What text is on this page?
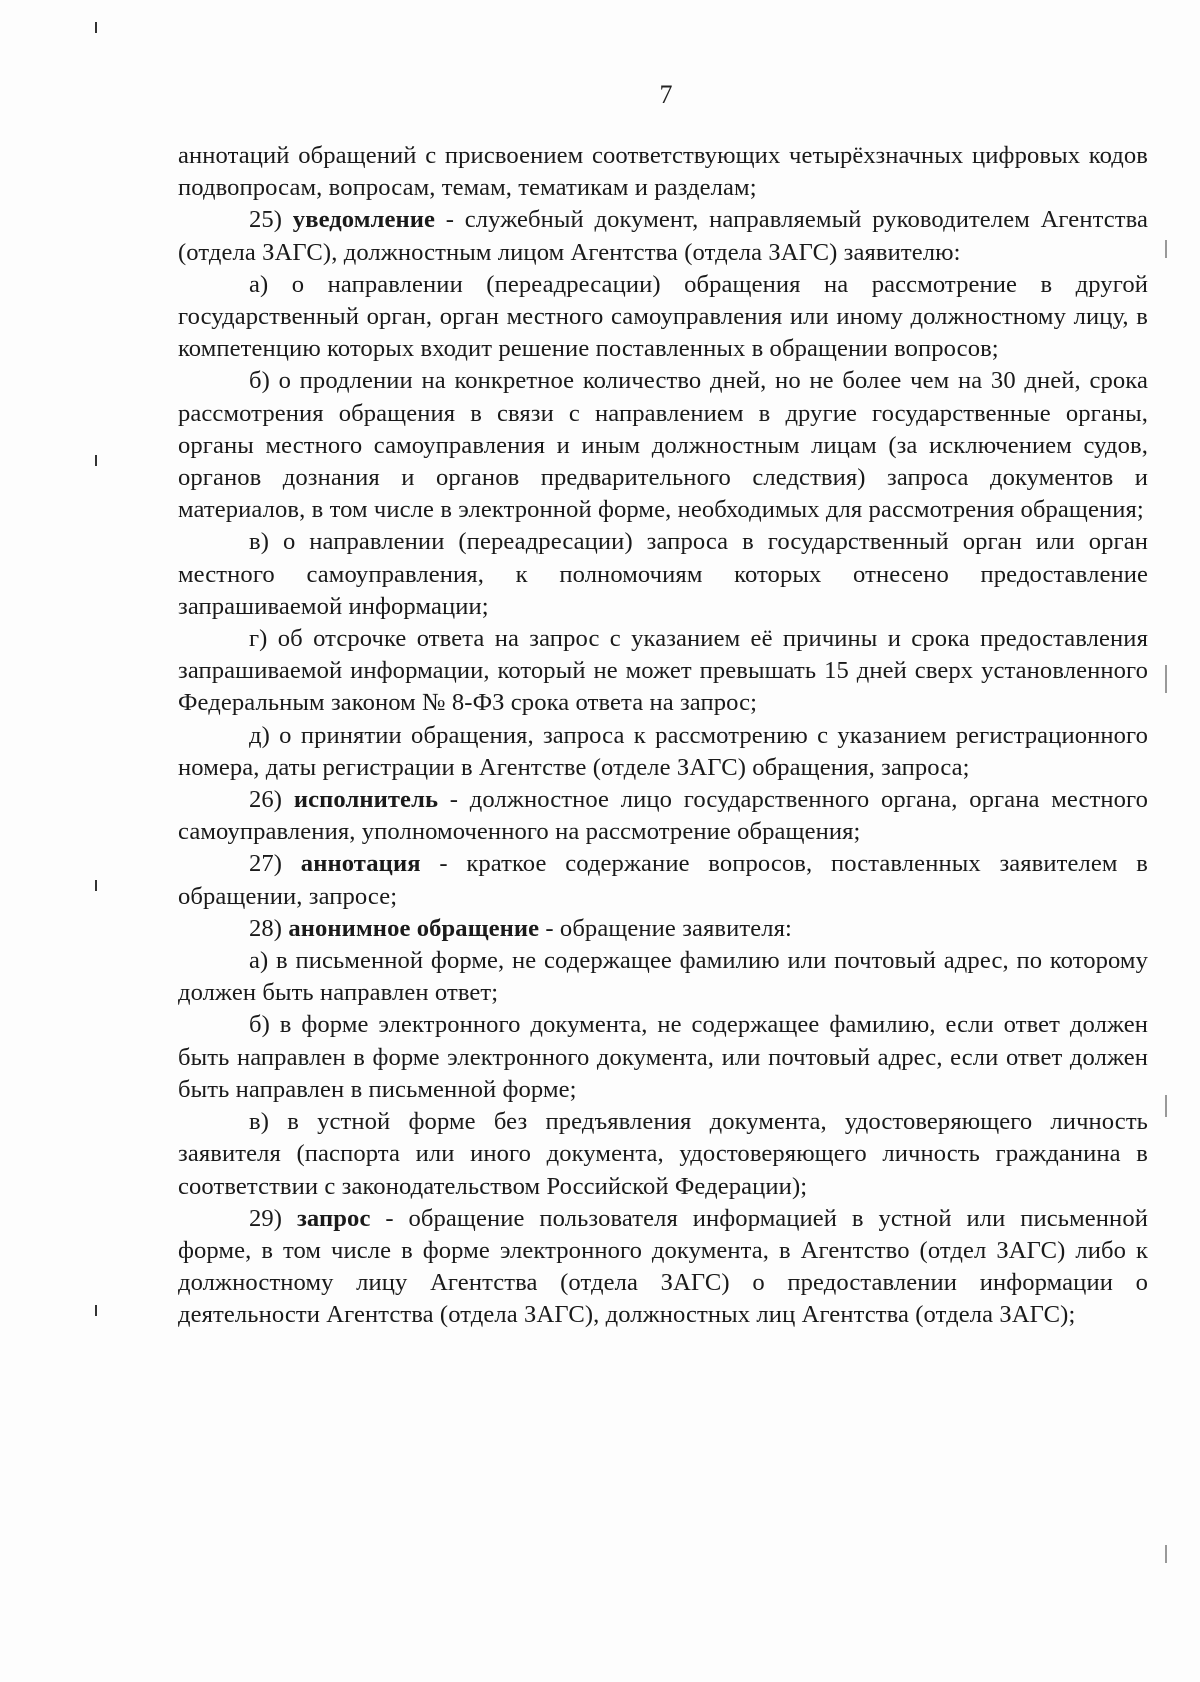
7

аннотаций обращений с присвоением соответствующих четырёхзначных цифровых кодов подвопросам, вопросам, темам, тематикам и разделам;

25) уведомление - служебный документ, направляемый руководителем Агентства (отдела ЗАГС), должностным лицом Агентства (отдела ЗАГС) заявителю:

а) о направлении (переадресации) обращения на рассмотрение в другой государственный орган, орган местного самоуправления или иному должностному лицу, в компетенцию которых входит решение поставленных в обращении вопросов;

б) о продлении на конкретное количество дней, но не более чем на 30 дней, срока рассмотрения обращения в связи с направлением в другие государственные органы, органы местного самоуправления и иным должностным лицам (за исключением судов, органов дознания и органов предварительного следствия) запроса документов и материалов, в том числе в электронной форме, необходимых для рассмотрения обращения;

в) о направлении (переадресации) запроса в государственный орган или орган местного самоуправления, к полномочиям которых отнесено предоставление запрашиваемой информации;

г) об отсрочке ответа на запрос с указанием её причины и срока предоставления запрашиваемой информации, который не может превышать 15 дней сверх установленного Федеральным законом № 8-ФЗ срока ответа на запрос;

д) о принятии обращения, запроса к рассмотрению с указанием регистрационного номера, даты регистрации в Агентстве (отделе ЗАГС) обращения, запроса;

26) исполнитель - должностное лицо государственного органа, органа местного самоуправления, уполномоченного на рассмотрение обращения;

27) аннотация - краткое содержание вопросов, поставленных заявителем в обращении, запросе;

28) анонимное обращение - обращение заявителя:

а) в письменной форме, не содержащее фамилию или почтовый адрес, по которому должен быть направлен ответ;

б) в форме электронного документа, не содержащее фамилию, если ответ должен быть направлен в форме электронного документа, или почтовый адрес, если ответ должен быть направлен в письменной форме;

в) в устной форме без предъявления документа, удостоверяющего личность заявителя (паспорта или иного документа, удостоверяющего личность гражданина в соответствии с законодательством Российской Федерации);

29) запрос - обращение пользователя информацией в устной или письменной форме, в том числе в форме электронного документа, в Агентство (отдел ЗАГС) либо к должностному лицу Агентства (отдела ЗАГС) о предоставлении информации о деятельности Агентства (отдела ЗАГС), должностных лиц Агентства (отдела ЗАГС);
